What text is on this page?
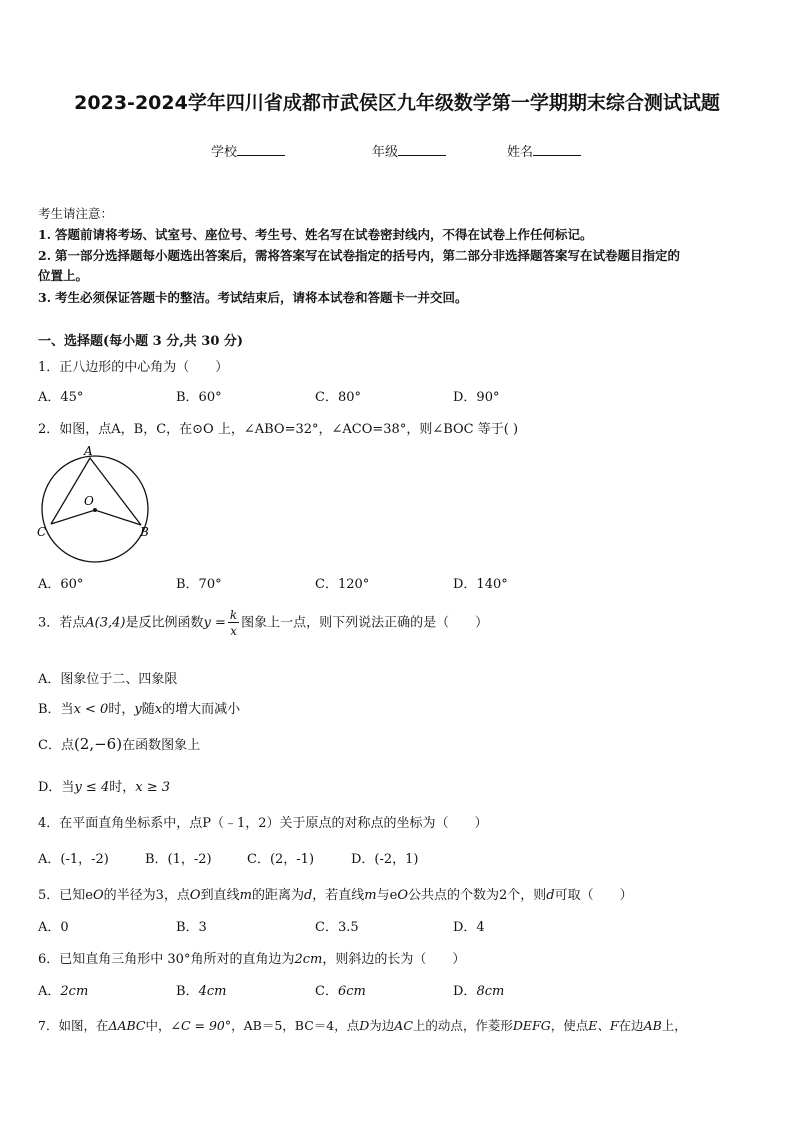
2023-2024学年四川省成都市武侯区九年级数学第一学期期末综合测试试题
学校	年级	姓名
考生请注意：
1. 答题前请将考场、试室号、座位号、考生号、姓名写在试卷密封线内，不得在试卷上作任何标记。
2. 第一部分选择题每小题选出答案后，需将答案写在试卷指定的括号内，第二部分非选择题答案写在试卷题目指定的
位置上。
3. 考生必须保证答题卡的整洁。考试结束后，请将本试卷和答题卡一并交回。
一、选择题(每小题 3 分,共 30 分)
1．正八边形的中心角为（　　）
A．45°	B．60°	C．80°	D．90°
2．如图，点A，B，C，在⊙O 上，∠ABO=32°，∠ACO=38°，则∠BOC 等于( )
A
O
C	B
A．60°	B．70°	C．120°	D．140°
3．若点A(3,4)是反比例函数$y = \frac{k}{x}$ 图象上一点，则下列说法正确的是（　　）
A．图象位于二、四象限
B．当x < 0时，y随x的增大而减小
C．点(2,−6)在函数图象上
D．当y ≤ 4时，x ≥ 3
4．在平面直角坐标系中，点P（﹣1，2）关于原点的对称点的坐标为（　　）
A．(-1，-2)	B．(1，-2)	C．(2，-1)	D．(-2，1)
5．已知eO的半径为3，点O到直线m的距离为d，若直线m与eO公共点的个数为2个，则d可取（　　）
A．0	B．3	C．3.5	D．4
6．已知直角三角形中 30°角所对的直角边为2cm，则斜边的长为（　　）
A．2cm	B．4cm	C．6cm	D．8cm
7．如图，在ΔABC中，∠C = 90°，AB＝5，BC＝4，点D为边AC上的动点，作菱形DEFG，使点E、F在边AB上，
